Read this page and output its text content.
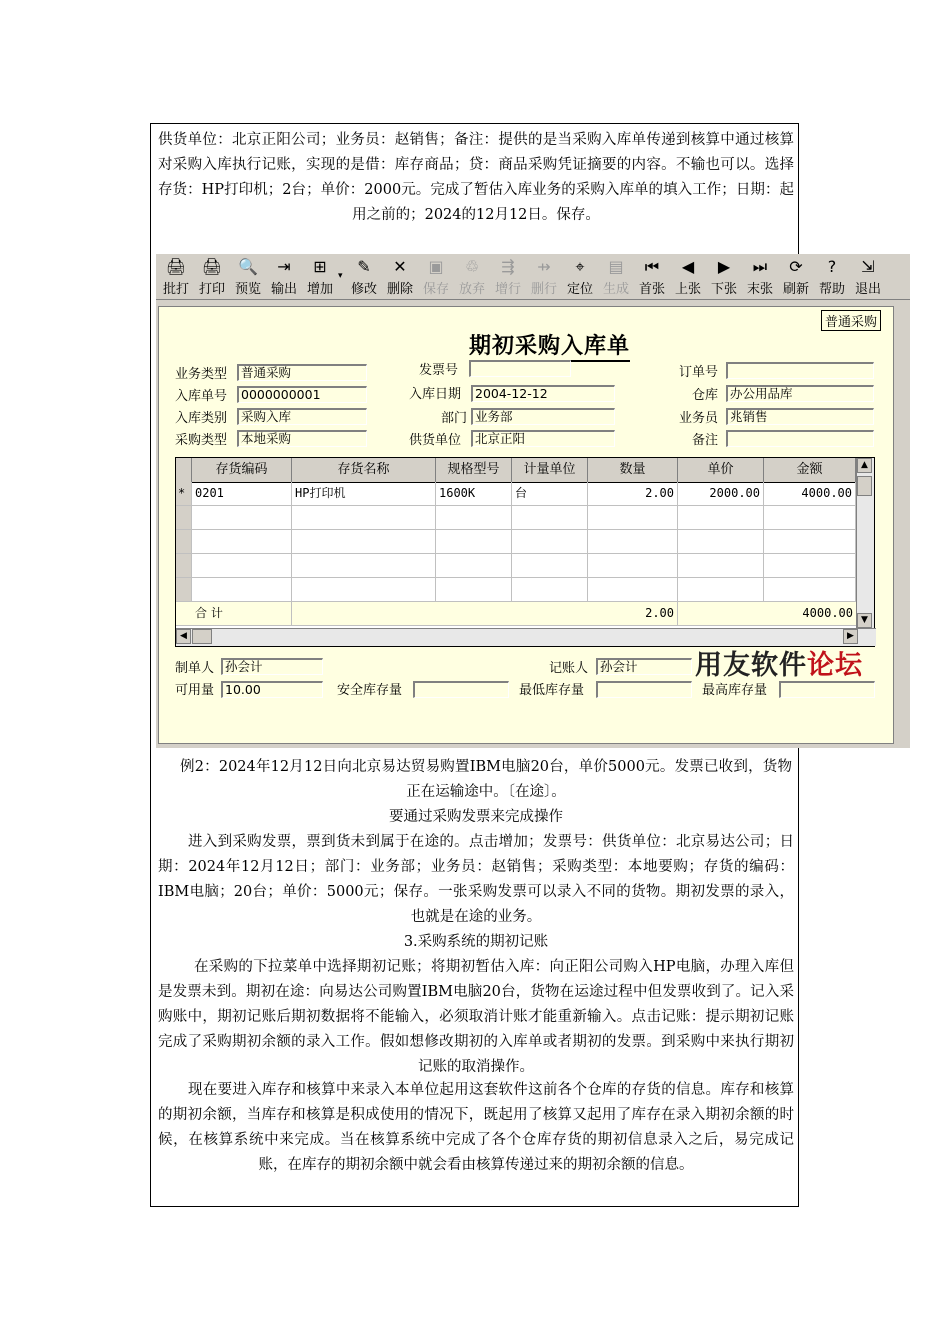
供货单位：北京正阳公司；业务员：赵销售；备注：提供的是当采购入库单传递到核算中通过核算对采购入库执行记账，实现的是借：库存商品；贷：商品采购凭证摘要的内容。不输也可以。选择存货：HP打印机；2台；单价：2000元。完成了暂估入库业务的采购入库单的填入工作；日期：起用之前的；2024的12月12日。保存。
🖨
批打
🖨
打印
🔍
预览
⇥
输出
⊞
增加
▾ ✎
修改
✕
删除
▣
保存
♲
放弃
⇶
增行
⇸
删行
⌖
定位
▤
生成
⏮
首张
◀
上张
▶
下张
⏭
末张
⟳
刷新
?
帮助
⇲
退出
普通采购
期初采购入库单
业务类型	普通采购	发票号	订单号
入库单号	0000000001	入库日期	2004-12-12	仓库 办公用品库
入库类别	采购入库	部门 业务部	业务员 兆销售
采购类型	本地采购	供货单位	北京正阳	备注
存货编码	存货名称	规格型号	计量单位	数量	单价	金额
* 0201	HP打印机	1600K	台	2.00	2000.00	4000.00
合 计	2.00	4000.00
▲
▼
◀	▶
制单人 孙会计	记账人 孙会计
可用量 10.00	安全库存量	最低库存量	最高库存量
用友软件论坛
例2：2024年12月12日向北京易达贸易购置IBM电脑20台，单价5000元。发票已收到，货物正在运输途中。〔在途〕。
要通过采购发票来完成操作
进入到采购发票，票到货未到属于在途的。点击增加；发票号：供货单位：北京易达公司；日期：2024年12月12日；部门：业务部；业务员：赵销售；采购类型：本地要购；存货的编码：IBM电脑；20台；单价：5000元；保存。一张采购发票可以录入不同的货物。期初发票的录入，也就是在途的业务。
3.采购系统的期初记账
在采购的下拉菜单中选择期初记账；将期初暂估入库：向正阳公司购入HP电脑，办理入库但是发票未到。期初在途：向易达公司购置IBM电脑20台，货物在运途过程中但发票收到了。记入采购账中，期初记账后期初数据将不能输入，必须取消计账才能重新输入。点击记账：提示期初记账完成了采购期初余额的录入工作。假如想修改期初的入库单或者期初的发票。到采购中来执行期初记账的取消操作。
现在要进入库存和核算中来录入本单位起用这套软件这前各个仓库的存货的信息。库存和核算的期初余额，当库存和核算是积成使用的情况下，既起用了核算又起用了库存在录入期初余额的时候，在核算系统中来完成。当在核算系统中完成了各个仓库存货的期初信息录入之后，易完成记账，在库存的期初余额中就会看由核算传递过来的期初余额的信息。
